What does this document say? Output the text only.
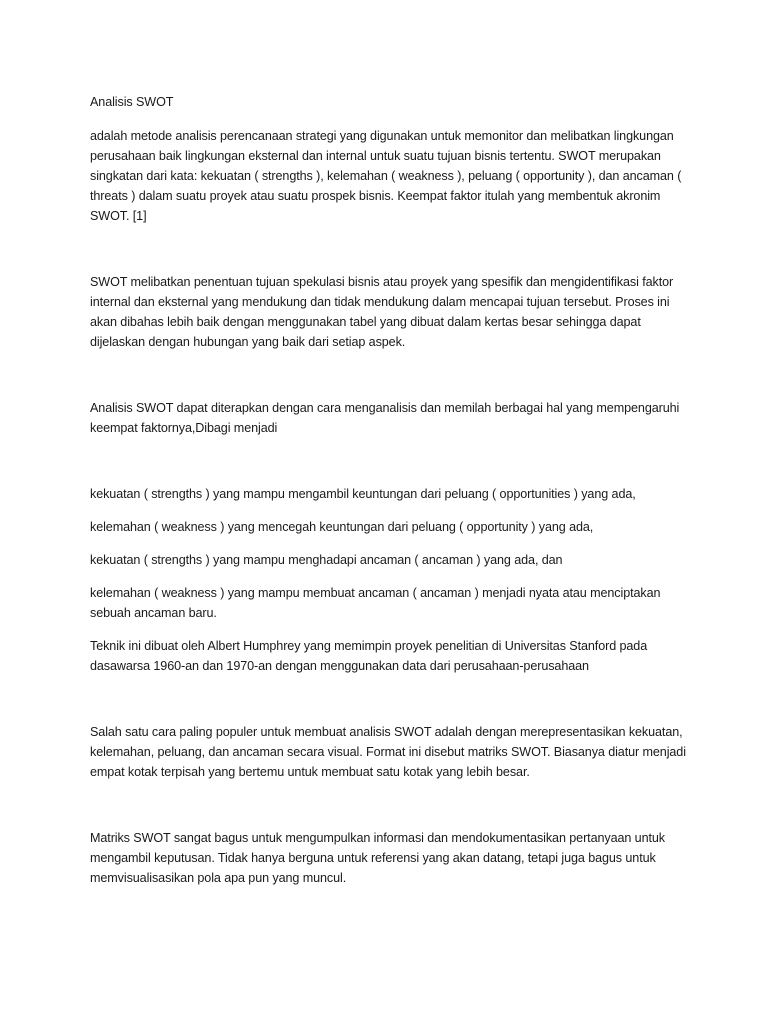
Analisis SWOT

adalah metode analisis perencanaan strategi yang digunakan untuk memonitor dan melibatkan lingkungan perusahaan baik lingkungan eksternal dan internal untuk suatu tujuan bisnis tertentu. SWOT merupakan singkatan dari kata: kekuatan ( strengths ), kelemahan ( weakness ), peluang ( opportunity ), dan ancaman ( threats ) dalam suatu proyek atau suatu prospek bisnis. Keempat faktor itulah yang membentuk akronim SWOT. [1]

SWOT melibatkan penentuan tujuan spekulasi bisnis atau proyek yang spesifik dan mengidentifikasi faktor internal dan eksternal yang mendukung dan tidak mendukung dalam mencapai tujuan tersebut. Proses ini akan dibahas lebih baik dengan menggunakan tabel yang dibuat dalam kertas besar sehingga dapat dijelaskan dengan hubungan yang baik dari setiap aspek.

Analisis SWOT dapat diterapkan dengan cara menganalisis dan memilah berbagai hal yang mempengaruhi keempat faktornya,Dibagi menjadi

kekuatan ( strengths ) yang mampu mengambil keuntungan dari peluang ( opportunities ) yang ada,

kelemahan ( weakness ) yang mencegah keuntungan dari peluang ( opportunity ) yang ada,

kekuatan ( strengths ) yang mampu menghadapi ancaman ( ancaman ) yang ada, dan

kelemahan ( weakness ) yang mampu membuat ancaman ( ancaman ) menjadi nyata atau menciptakan sebuah ancaman baru.

Teknik ini dibuat oleh Albert Humphrey yang memimpin proyek penelitian di Universitas Stanford pada dasawarsa 1960-an dan 1970-an dengan menggunakan data dari perusahaan-perusahaan

Salah satu cara paling populer untuk membuat analisis SWOT adalah dengan merepresentasikan kekuatan, kelemahan, peluang, dan ancaman secara visual. Format ini disebut matriks SWOT. Biasanya diatur menjadi empat kotak terpisah yang bertemu untuk membuat satu kotak yang lebih besar.

Matriks SWOT sangat bagus untuk mengumpulkan informasi dan mendokumentasikan pertanyaan untuk mengambil keputusan. Tidak hanya berguna untuk referensi yang akan datang, tetapi juga bagus untuk memvisualisasikan pola apa pun yang muncul.
